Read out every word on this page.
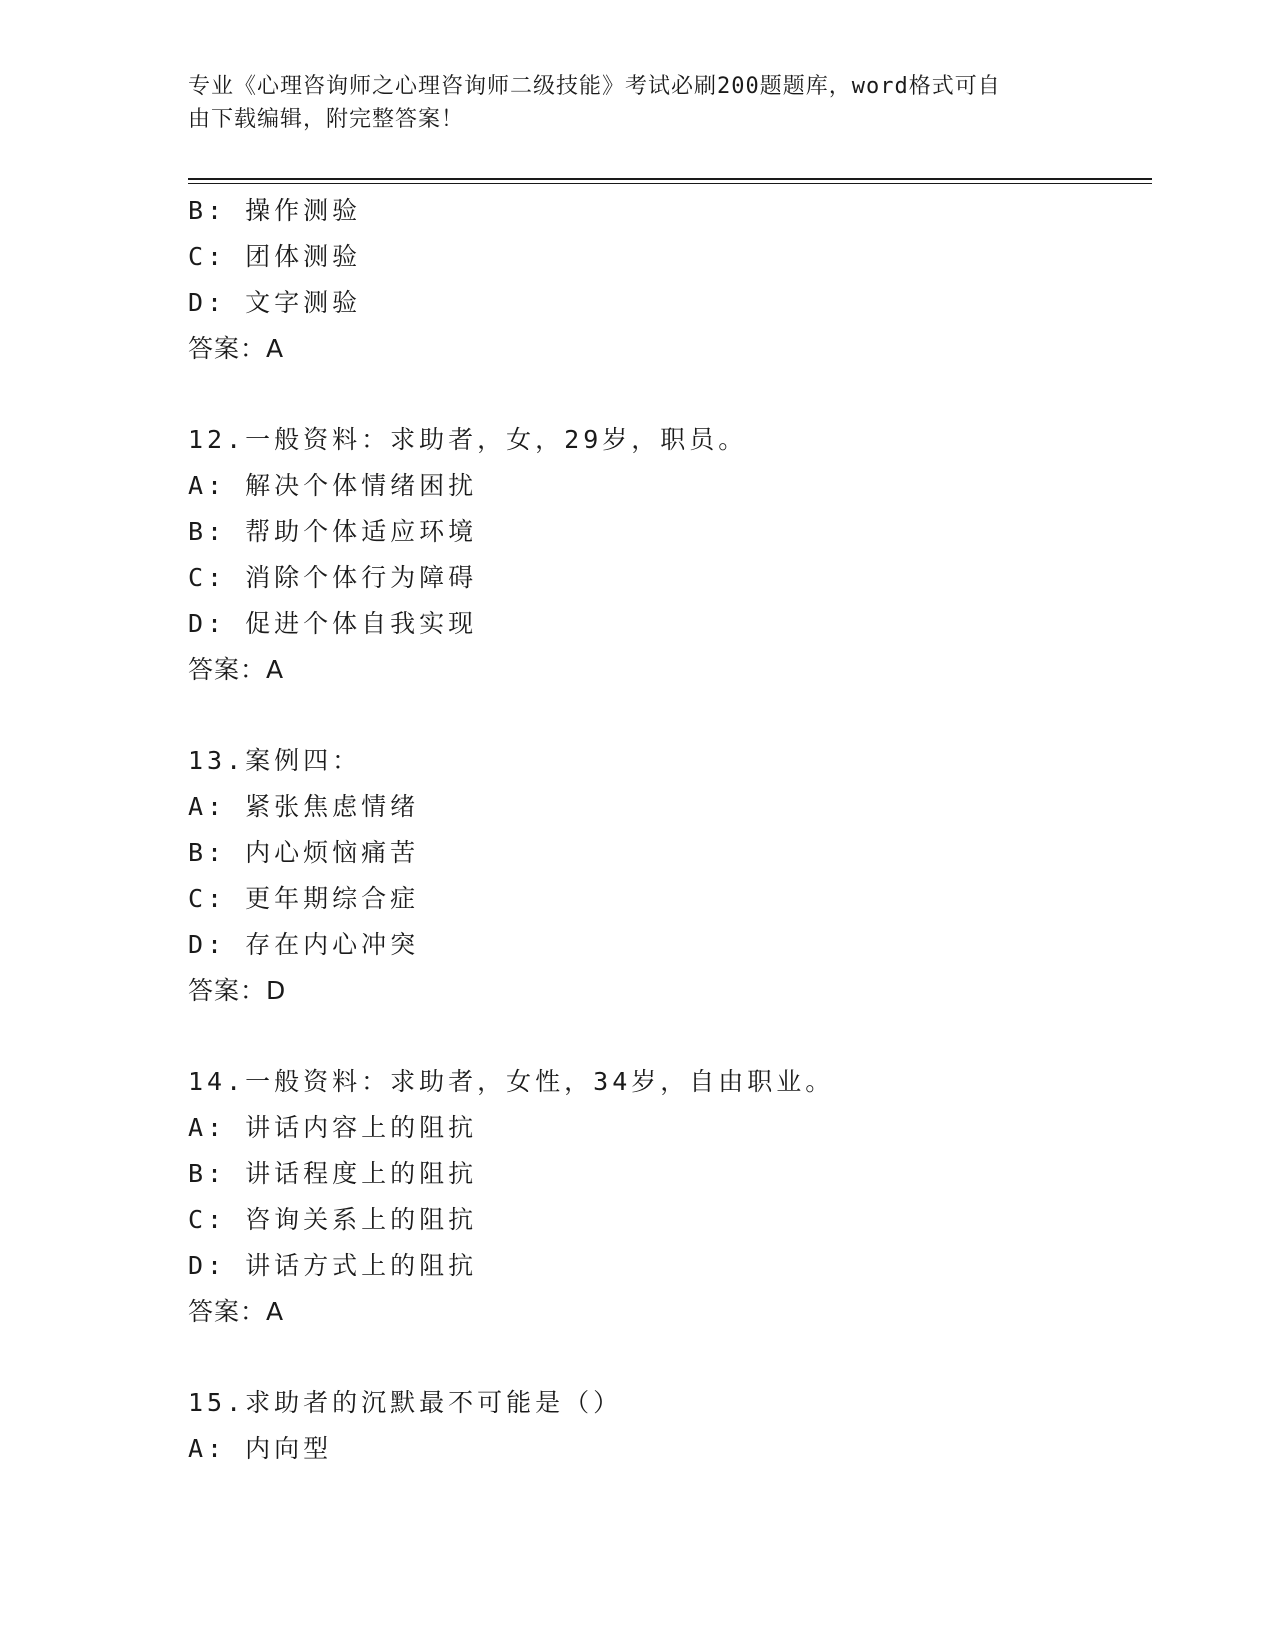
专业《心理咨询师之心理咨询师二级技能》考试必刷200题题库，word格式可自
由下载编辑，附完整答案！
B: 操作测验
C: 团体测验
D: 文字测验
答案：A
12.一般资料：求助者，女，29岁，职员。
A: 解决个体情绪困扰
B: 帮助个体适应环境
C: 消除个体行为障碍
D: 促进个体自我实现
答案：A
13.案例四：
A: 紧张焦虑情绪
B: 内心烦恼痛苦
C: 更年期综合症
D: 存在内心冲突
答案：D
14.一般资料：求助者，女性，34岁，自由职业。
A: 讲话内容上的阻抗
B: 讲话程度上的阻抗
C: 咨询关系上的阻抗
D: 讲话方式上的阻抗
答案：A
15.求助者的沉默最不可能是（）
A: 内向型
